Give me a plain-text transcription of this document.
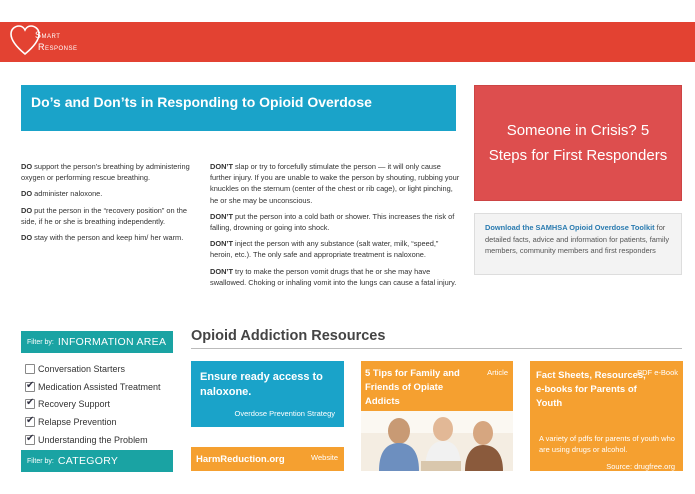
Smart
Response
Do’s and Don’ts in Responding to Opioid Overdose

DO support the person’s breathing by administering oxygen or performing rescue breathing.

DO administer naloxone.

DO put the person in the “recovery position” on the side, if he or she is breathing independently.

DO stay with the person and keep him/ her warm.

DON’T slap or try to forcefully stimulate the person — it will only cause further injury. If you are unable to wake the person by shouting, rubbing your knuckles on the sternum (center of the chest or rib cage), or light pinching, he or she may be unconscious.

DON’T put the person into a cold bath or shower. This increases the risk of falling, drowning or going into shock.

DON’T inject the person with any substance (salt water, milk, “speed,” heroin, etc.). The only safe and appropriate treatment is naloxone.

DON’T try to make the person vomit drugs that he or she may have swallowed. Choking or inhaling vomit into the lungs can cause a fatal injury.

Someone in Crisis? 5 Steps for First Responders
Download the SAMHSA Opioid Overdose Toolkit for detailed facts, advice and information for patients, family members, community members and first responders
Filter by: INFORMATION AREA
Conversation Starters
✔
Medication Assisted Treatment
✔
Recovery Support
✔
Relapse Prevention
✔
Understanding the Problem
Filter by: CATEGORY
Opioid Addiction Resources
Ensure ready access to naloxone.
Overdose Prevention Strategy
HarmReduction.org	Website
5 Tips for Family and Friends of Opiate Addicts
Article	Fact Sheets, Resources, e-books for Parents of Youth
PDF e-Book
A variety of pdfs for parents of youth who are using drugs or alcohol.
Source: drugfree.org
